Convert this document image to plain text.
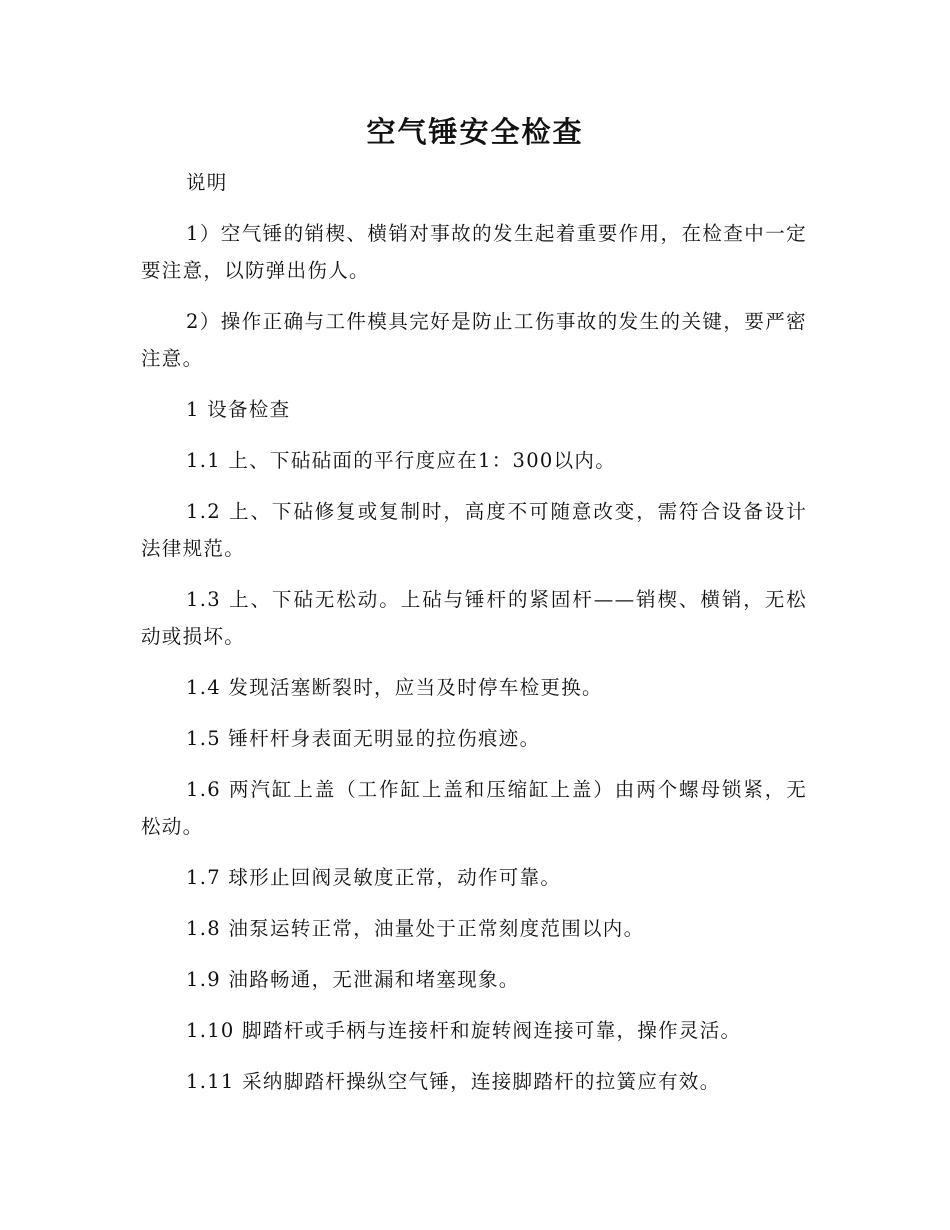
空气锤安全检查

说明

1）空气锤的销楔、横销对事故的发生起着重要作用，在检查中一定要注意，以防弹出伤人。

2）操作正确与工件模具完好是防止工伤事故的发生的关键，要严密注意。

1 设备检查

1.1 上、下砧砧面的平行度应在1：300以内。

1.2 上、下砧修复或复制时，高度不可随意改变，需符合设备设计法律规范。

1.3 上、下砧无松动。上砧与锤杆的紧固杆——销楔、横销，无松动或损坏。

1.4 发现活塞断裂时，应当及时停车检更换。

1.5 锤杆杆身表面无明显的拉伤痕迹。

1.6 两汽缸上盖（工作缸上盖和压缩缸上盖）由两个螺母锁紧，无松动。

1.7 球形止回阀灵敏度正常，动作可靠。

1.8 油泵运转正常，油量处于正常刻度范围以内。

1.9 油路畅通，无泄漏和堵塞现象。

1.10 脚踏杆或手柄与连接杆和旋转阀连接可靠，操作灵活。

1.11 采纳脚踏杆操纵空气锤，连接脚踏杆的拉簧应有效。
